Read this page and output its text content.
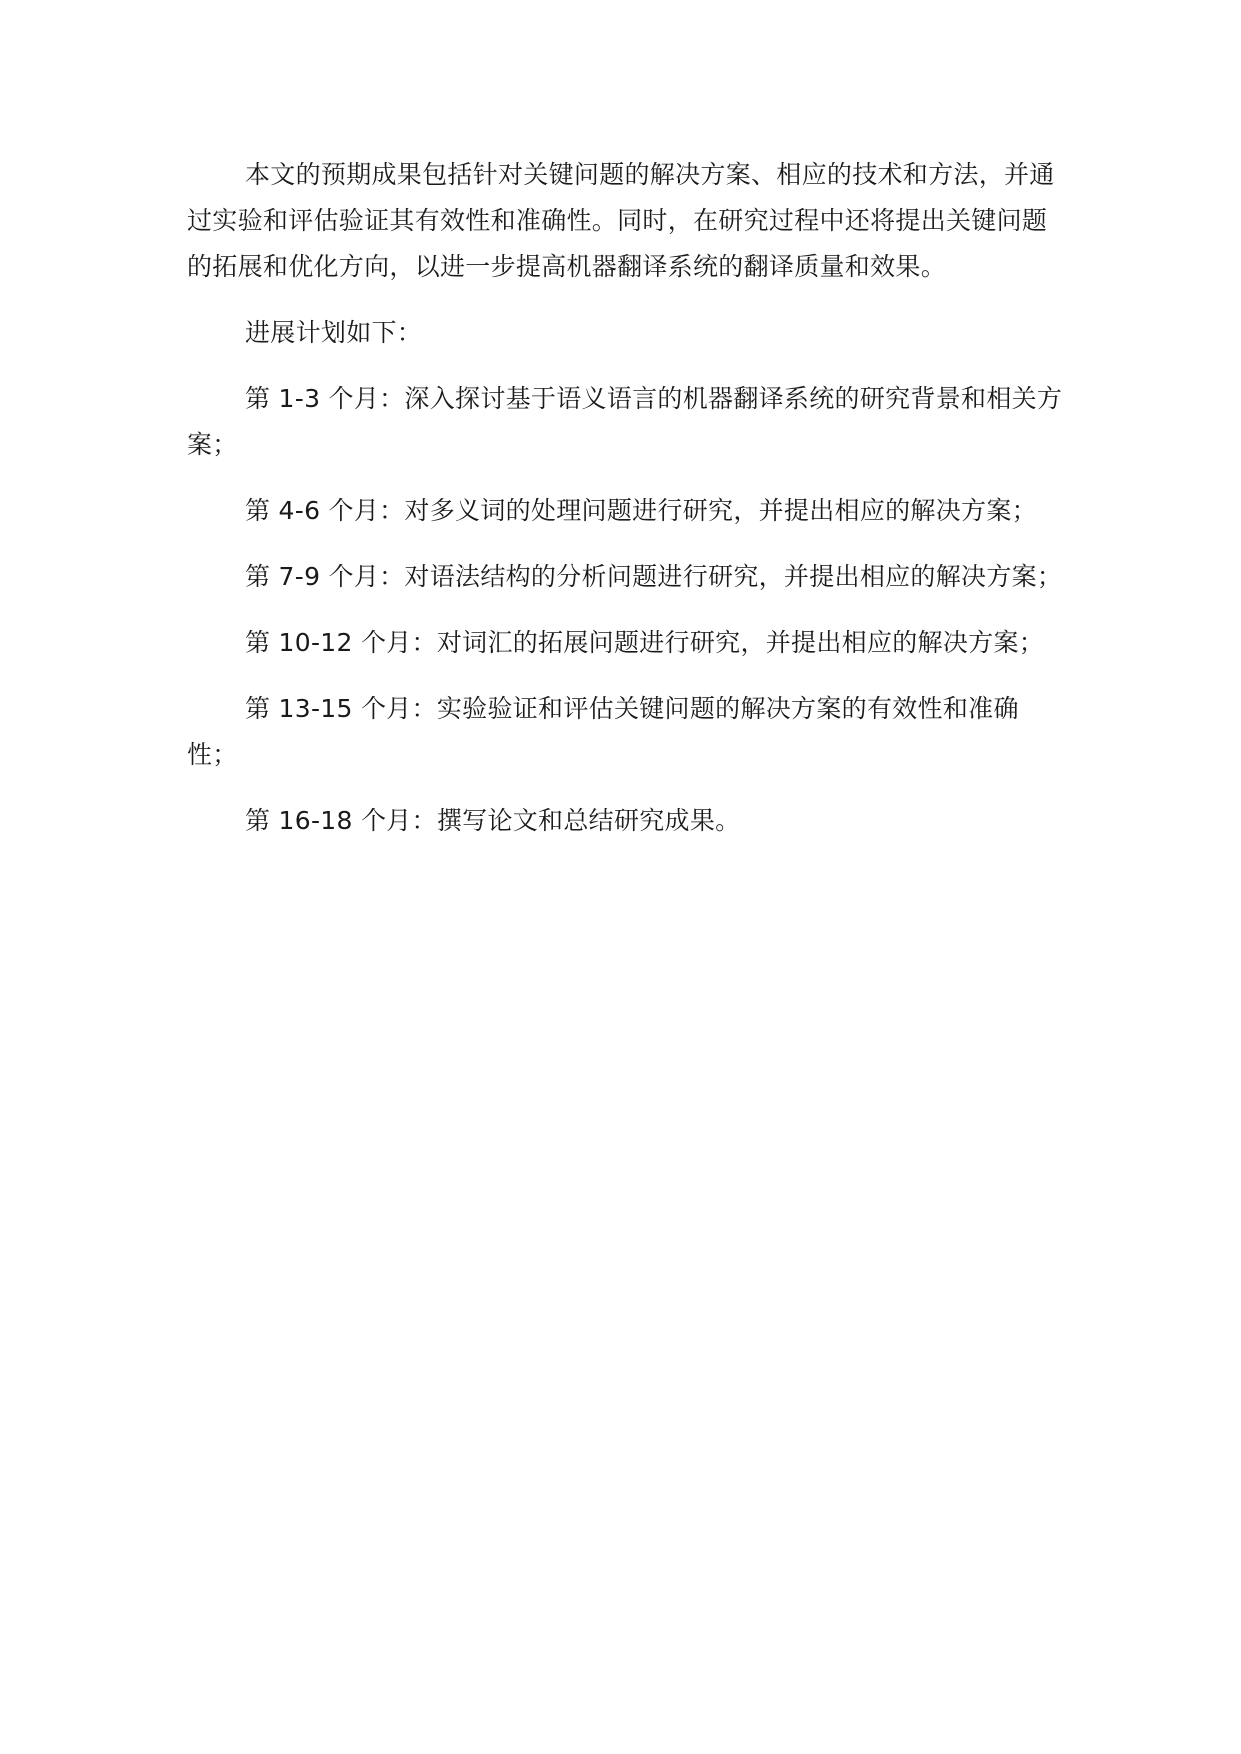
本文的预期成果包括针对关键问题的解决方案、相应的技术和方法，并通过实验和评估验证其有效性和准确性。同时，在研究过程中还将提出关键问题的拓展和优化方向，以进一步提高机器翻译系统的翻译质量和效果。

进展计划如下：

第 1-3 个月：深入探讨基于语义语言的机器翻译系统的研究背景和相关方案；

第 4-6 个月：对多义词的处理问题进行研究，并提出相应的解决方案；

第 7-9 个月：对语法结构的分析问题进行研究，并提出相应的解决方案；

第 10-12 个月：对词汇的拓展问题进行研究，并提出相应的解决方案；

第 13-15 个月：实验验证和评估关键问题的解决方案的有效性和准确性；

第 16-18 个月：撰写论文和总结研究成果。
